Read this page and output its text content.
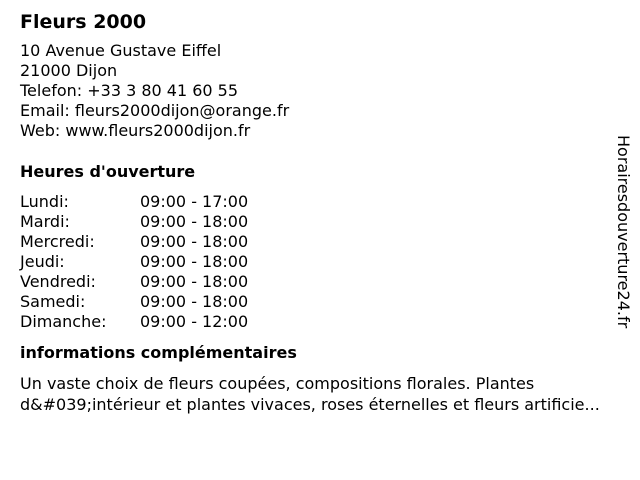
Fleurs 2000
10 Avenue Gustave Eiffel
21000 Dijon
Telefon: +33 3 80 41 60 55
Email: fleurs2000dijon@orange.fr
Web: www.fleurs2000dijon.fr
Heures d'ouverture
Lundi:	09:00 - 17:00
Mardi:	09:00 - 18:00
Mercredi:	09:00 - 18:00
Jeudi:	09:00 - 18:00
Vendredi:	09:00 - 18:00
Samedi:	09:00 - 18:00
Dimanche:	09:00 - 12:00
informations complémentaires
Un vaste choix de fleurs coupées, compositions florales. Plantes d&#039;intérieur et plantes vivaces, roses éternelles et fleurs artificie...
Horairesdouverture24.fr
